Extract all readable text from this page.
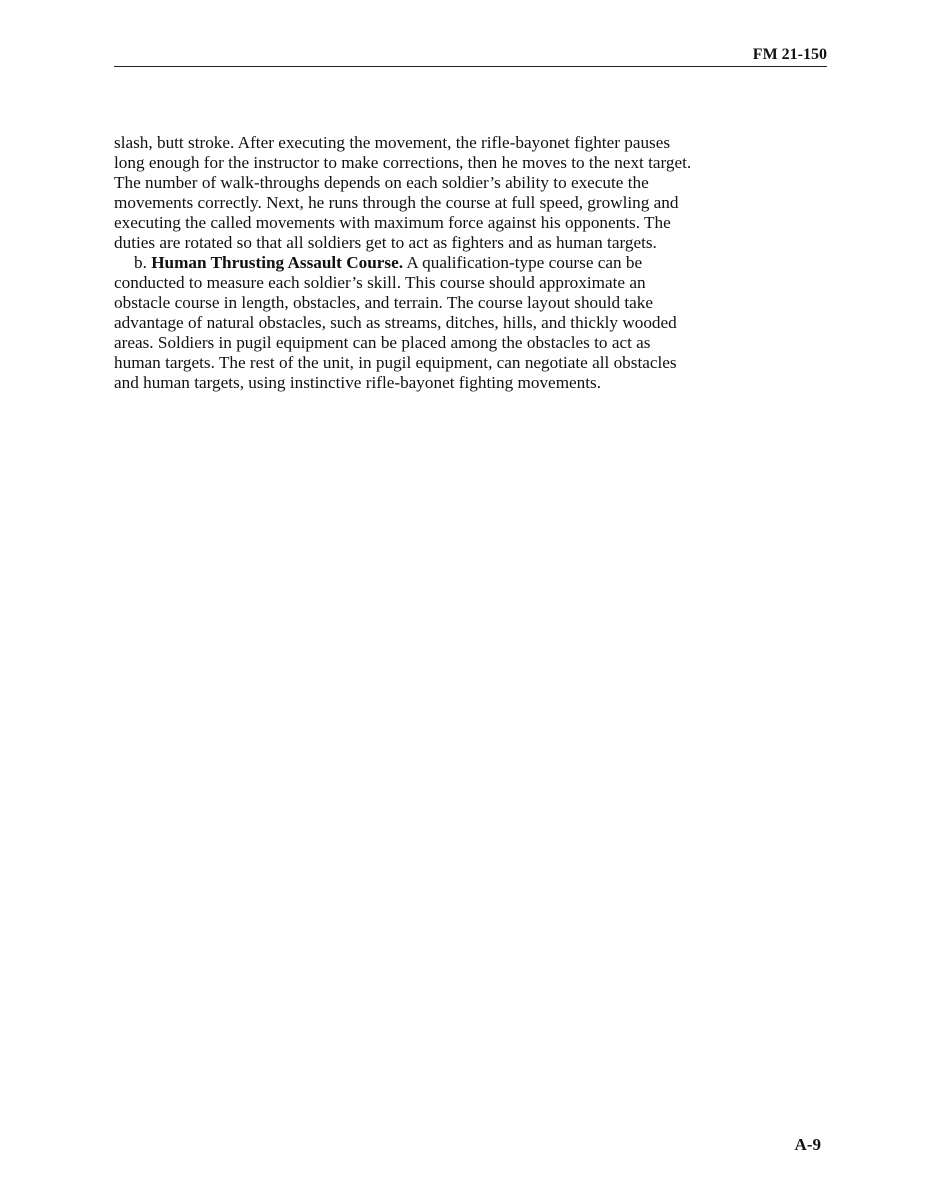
FM 21-150

slash, butt stroke. After executing the movement, the rifle-bayonet fighter pauses long enough for the instructor to make corrections, then he moves to the next target. The number of walk-throughs depends on each soldier’s ability to execute the movements correctly. Next, he runs through the course at full speed, growling and executing the called movements with maximum force against his opponents. The duties are rotated so that all soldiers get to act as fighters and as human targets.

b. Human Thrusting Assault Course. A qualification-type course can be conducted to measure each soldier’s skill. This course should approximate an obstacle course in length, obstacles, and terrain. The course layout should take advantage of natural obstacles, such as streams, ditches, hills, and thickly wooded areas. Soldiers in pugil equipment can be placed among the obstacles to act as human targets. The rest of the unit, in pugil equipment, can negotiate all obstacles and human targets, using instinctive rifle-bayonet fighting movements.

A-9
